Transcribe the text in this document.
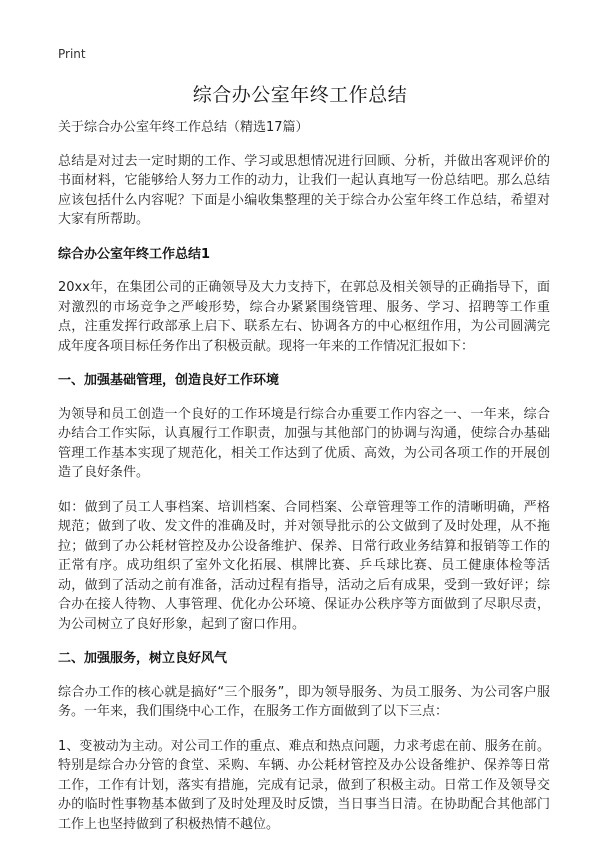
Print
综合办公室年终工作总结

关于综合办公室年终工作总结（精选17篇）

总结是对过去一定时期的工作、学习或思想情况进行回顾、分析，并做出客观评价的书面材料，它能够给人努力工作的动力，让我们一起认真地写一份总结吧。那么总结应该包括什么内容呢？下面是小编收集整理的关于综合办公室年终工作总结，希望对大家有所帮助。

综合办公室年终工作总结1

20xx年，在集团公司的正确领导及大力支持下，在郭总及相关领导的正确指导下，面对激烈的市场竞争之严峻形势，综合办紧紧围绕管理、服务、学习、招聘等工作重点，注重发挥行政部承上启下、联系左右、协调各方的中心枢纽作用，为公司圆满完成年度各项目标任务作出了积极贡献。现将一年来的工作情况汇报如下：

一、加强基础管理，创造良好工作环境

为领导和员工创造一个良好的工作环境是行综合办重要工作内容之一、一年来，综合办结合工作实际，认真履行工作职责，加强与其他部门的协调与沟通，使综合办基础管理工作基本实现了规范化，相关工作达到了优质、高效，为公司各项工作的开展创造了良好条件。

如：做到了员工人事档案、培训档案、合同档案、公章管理等工作的清晰明确，严格规范；做到了收、发文件的准确及时，并对领导批示的公文做到了及时处理，从不拖拉；做到了办公耗材管控及办公设备维护、保养、日常行政业务结算和报销等工作的正常有序。成功组织了室外文化拓展、棋牌比赛、乒乓球比赛、员工健康体检等活动，做到了活动之前有准备，活动过程有指导，活动之后有成果，受到一致好评；综合办在接人待物、人事管理、优化办公环境、保证办公秩序等方面做到了尽职尽责，为公司树立了良好形象，起到了窗口作用。

二、加强服务，树立良好风气

综合办工作的核心就是搞好“三个服务”，即为领导服务、为员工服务、为公司客户服务。一年来，我们围绕中心工作，在服务工作方面做到了以下三点：

1、变被动为主动。对公司工作的重点、难点和热点问题，力求考虑在前、服务在前。特别是综合办分管的食堂、采购、车辆、办公耗材管控及办公设备维护、保养等日常工作，工作有计划，落实有措施，完成有记录，做到了积极主动。日常工作及领导交办的临时性事物基本做到了及时处理及时反馈，当日事当日清。在协助配合其他部门工作上也坚持做到了积极热情不越位。
